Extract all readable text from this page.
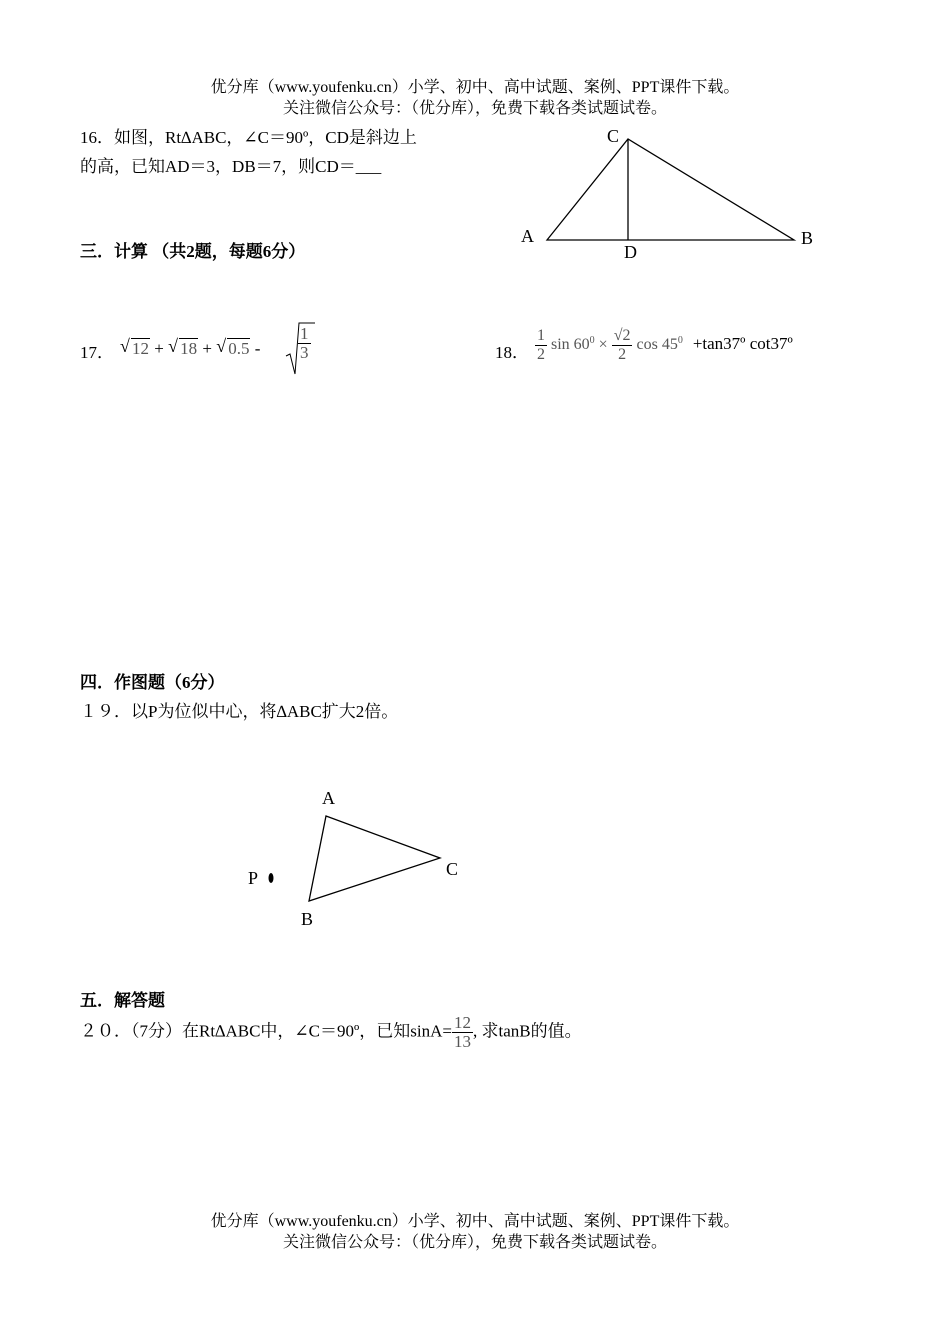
优分库（www.youfenku.cn）小学、初中、高中试题、案例、PPT课件下载。
关注微信公众号：（优分库），免费下载各类试题试卷。
16．如图，Rt∆ABC，∠C＝90º，CD是斜边上
的高，已知AD＝3，DB＝7，则CD＝___
A	B
C
D
三．计算 （共2题，每题6分）
17． √ 12 + √ 18 + √ $0.5 - \frac{1}{3}$	18． $\frac{1}{2}$ $\sin 60^0 \times \frac{√2}{2}$ $\cos 45^0$ +tan37º cot37º
四．作图题（6分）
１９．以P为位似中心，将∆ABC扩大2倍。
A
B
C
P
五．解答题
２０．（7分）在Rt∆ABC中，∠C＝90º，已知$\sin A= \frac{12}{13}$ , 求tanB的值。
优分库（www.youfenku.cn）小学、初中、高中试题、案例、PPT课件下载。
关注微信公众号：（优分库），免费下载各类试题试卷。
